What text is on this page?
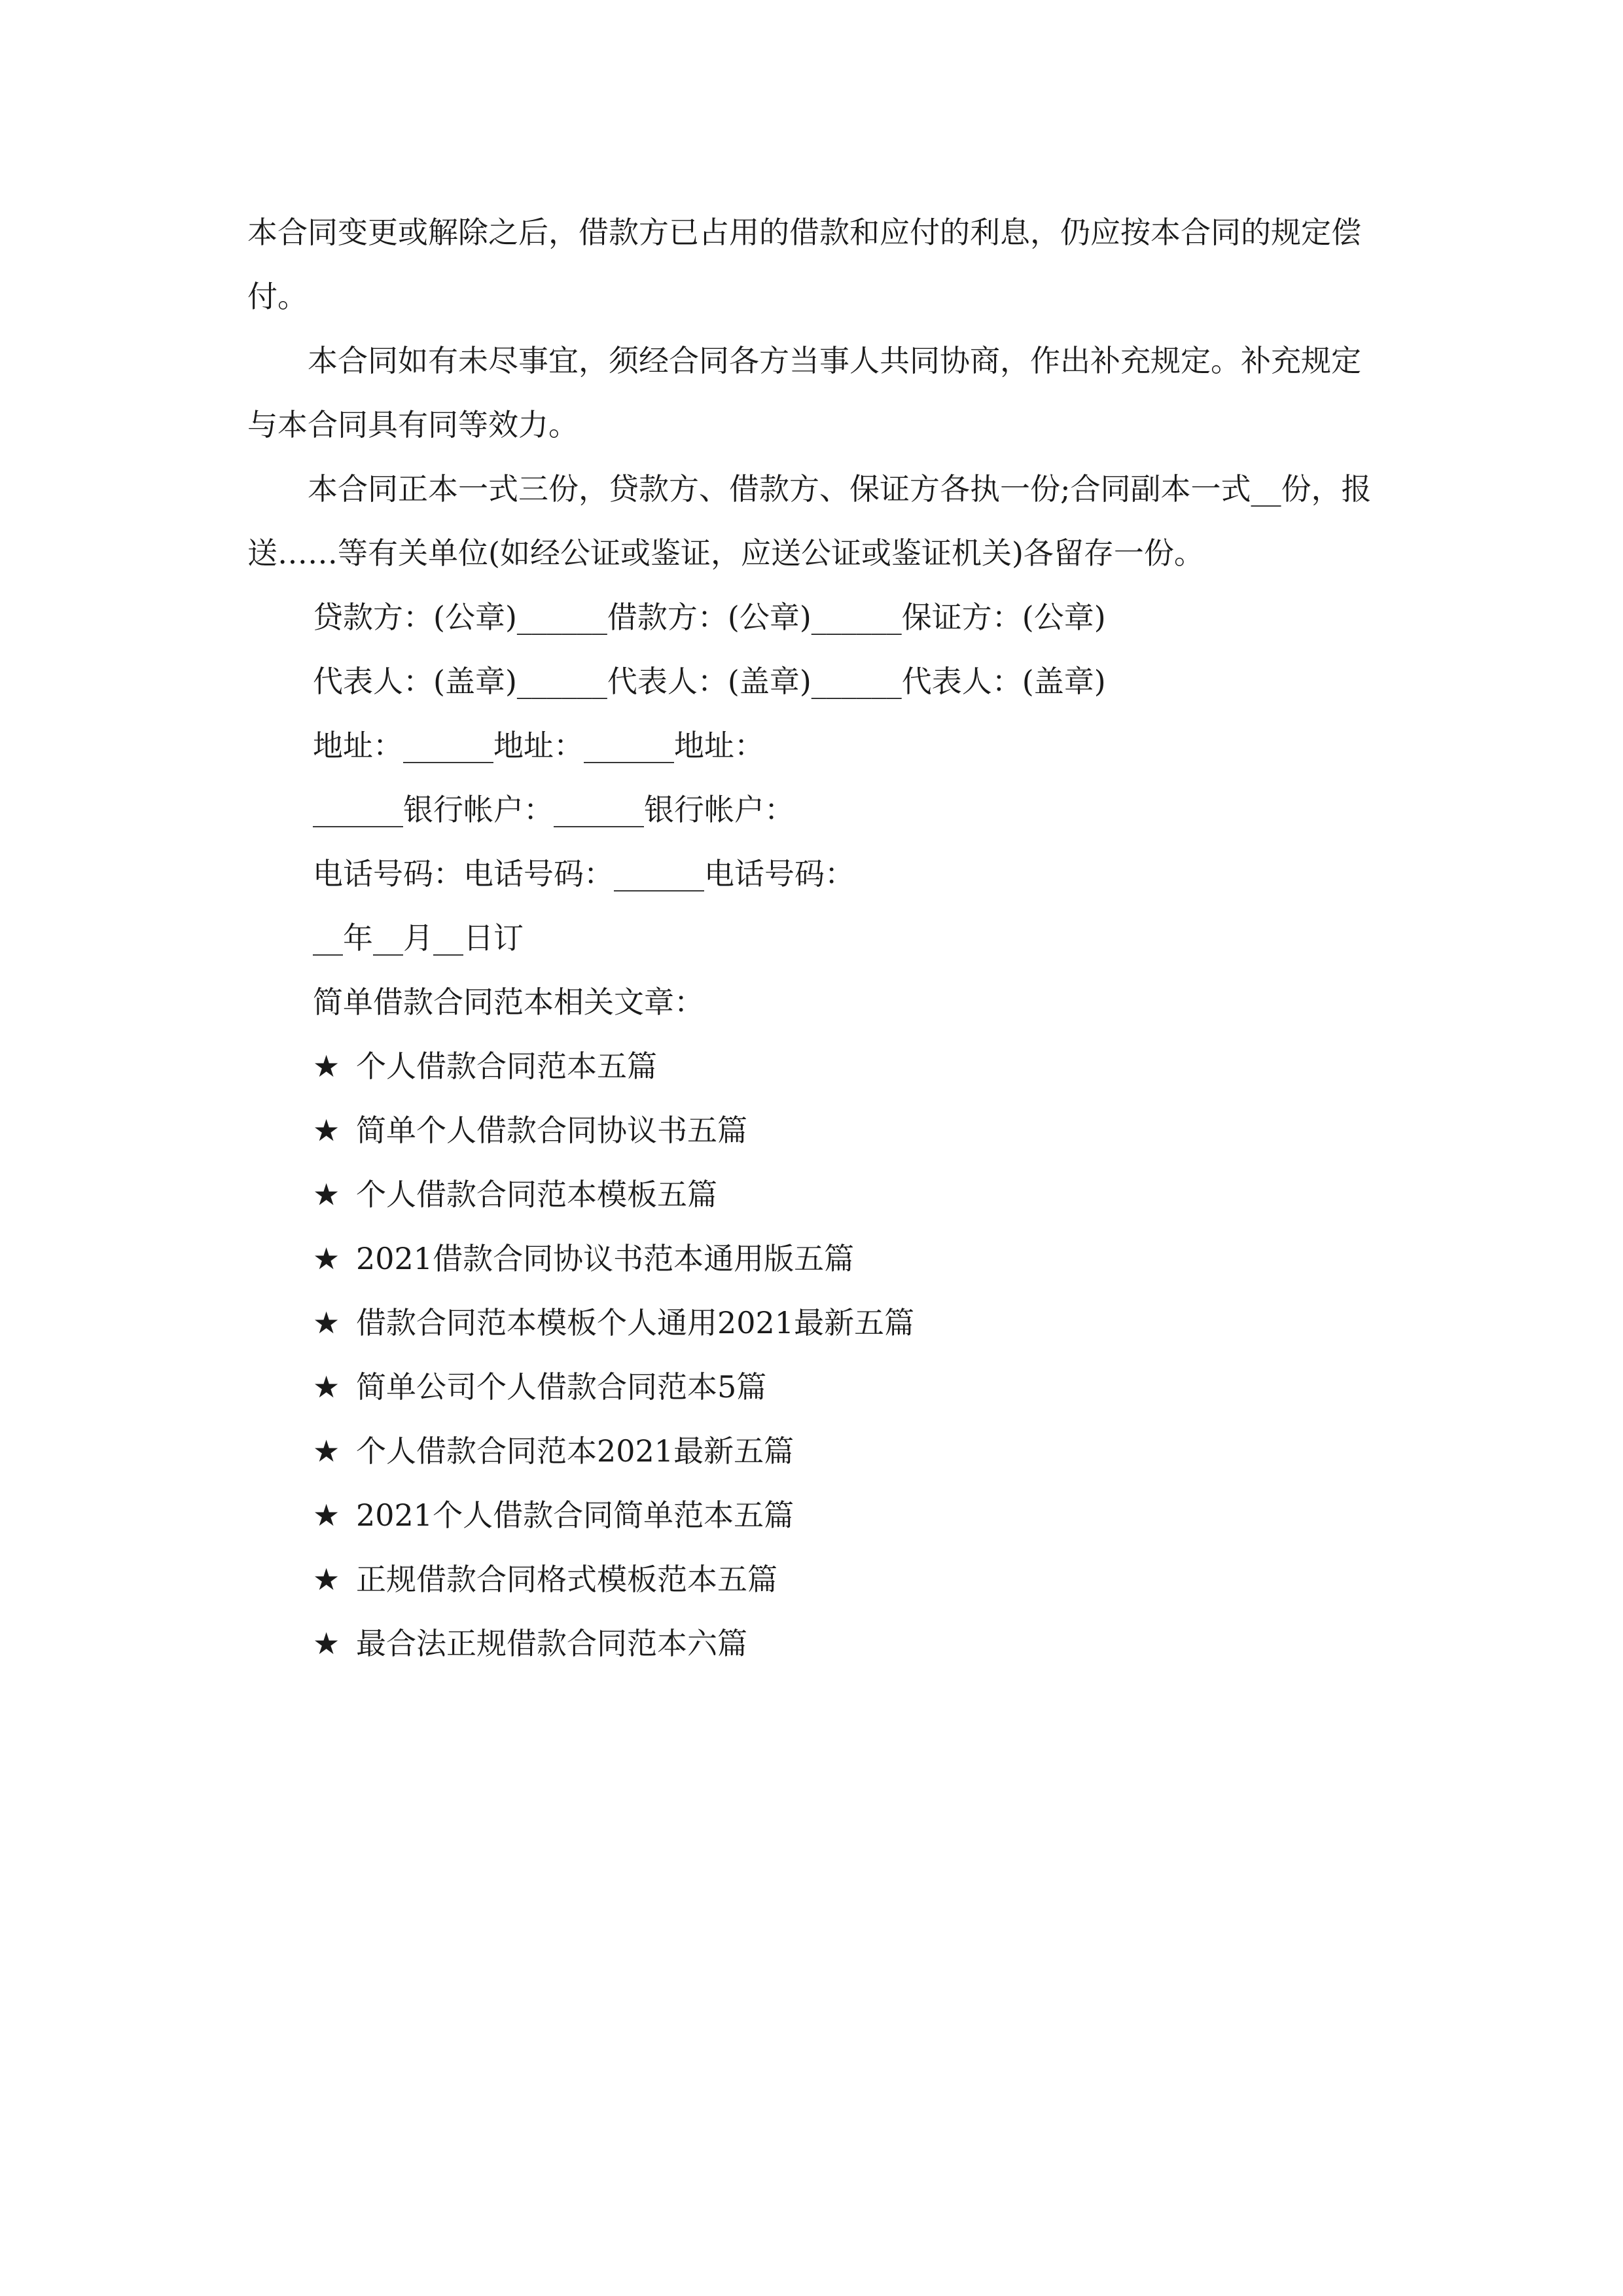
本合同变更或解除之后，借款方已占用的借款和应付的利息，仍应按本合同的规定偿付。

本合同如有未尽事宜，须经合同各方当事人共同协商，作出补充规定。补充规定与本合同具有同等效力。

本合同正本一式三份，贷款方、借款方、保证方各执一份;合同副本一式__份，报送……等有关单位(如经公证或鉴证，应送公证或鉴证机关)各留存一份。

贷款方：(公章)______借款方：(公章)______保证方：(公章)

代表人：(盖章)______代表人：(盖章)______代表人：(盖章)

地址：______地址：______地址：

______银行帐户：______银行帐户：

电话号码：电话号码：______电话号码：

__年__月__日订

简单借款合同范本相关文章：

★ 个人借款合同范本五篇

★ 简单个人借款合同协议书五篇

★ 个人借款合同范本模板五篇

★ 2021借款合同协议书范本通用版五篇

★ 借款合同范本模板个人通用2021最新五篇

★ 简单公司个人借款合同范本5篇

★ 个人借款合同范本2021最新五篇

★ 2021个人借款合同简单范本五篇

★ 正规借款合同格式模板范本五篇

★ 最合法正规借款合同范本六篇
